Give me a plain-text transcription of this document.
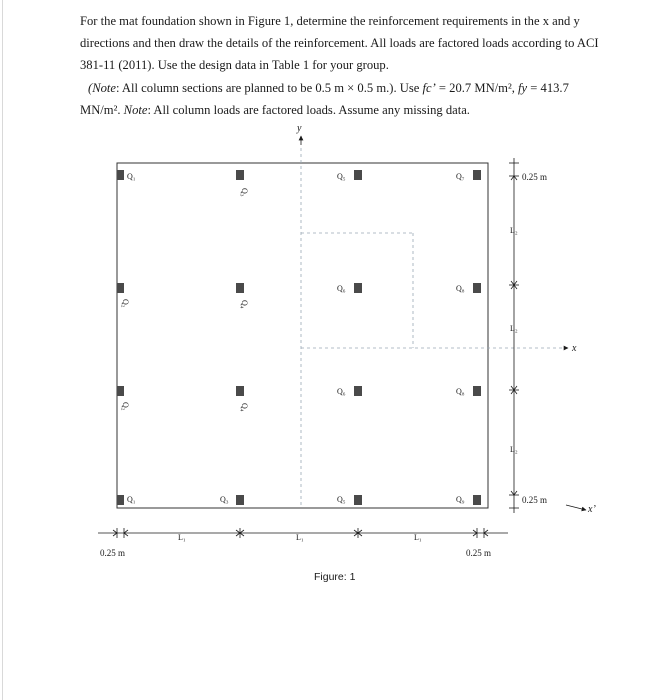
For the mat foundation shown in Figure 1, determine the reinforcement requirements in the x and y directions and then draw the details of the reinforcement. All loads are factored loads according to ACI 381-11 (2011). Use the design data in Table 1 for your group.

(Note: All column sections are planned to be 0.5 m × 0.5 m.). Use fc’ = 20.7 MN/m², fy = 413.7 MN/m². Note: All column loads are factored loads. Assume any missing data.

y
x
Q₁
Q₂
Q₂
Q₁
Q₃
Q₄
Q₄
Q₃
Q₅
Q₆
Q₆
Q₅
Q₇
Q₈
Q₈
Q₉
0.25 m
L₂
L₂
L₂
0.25 m
x’
L₁	L₁	L₁
0.25 m	0.25 m
Figure: 1
